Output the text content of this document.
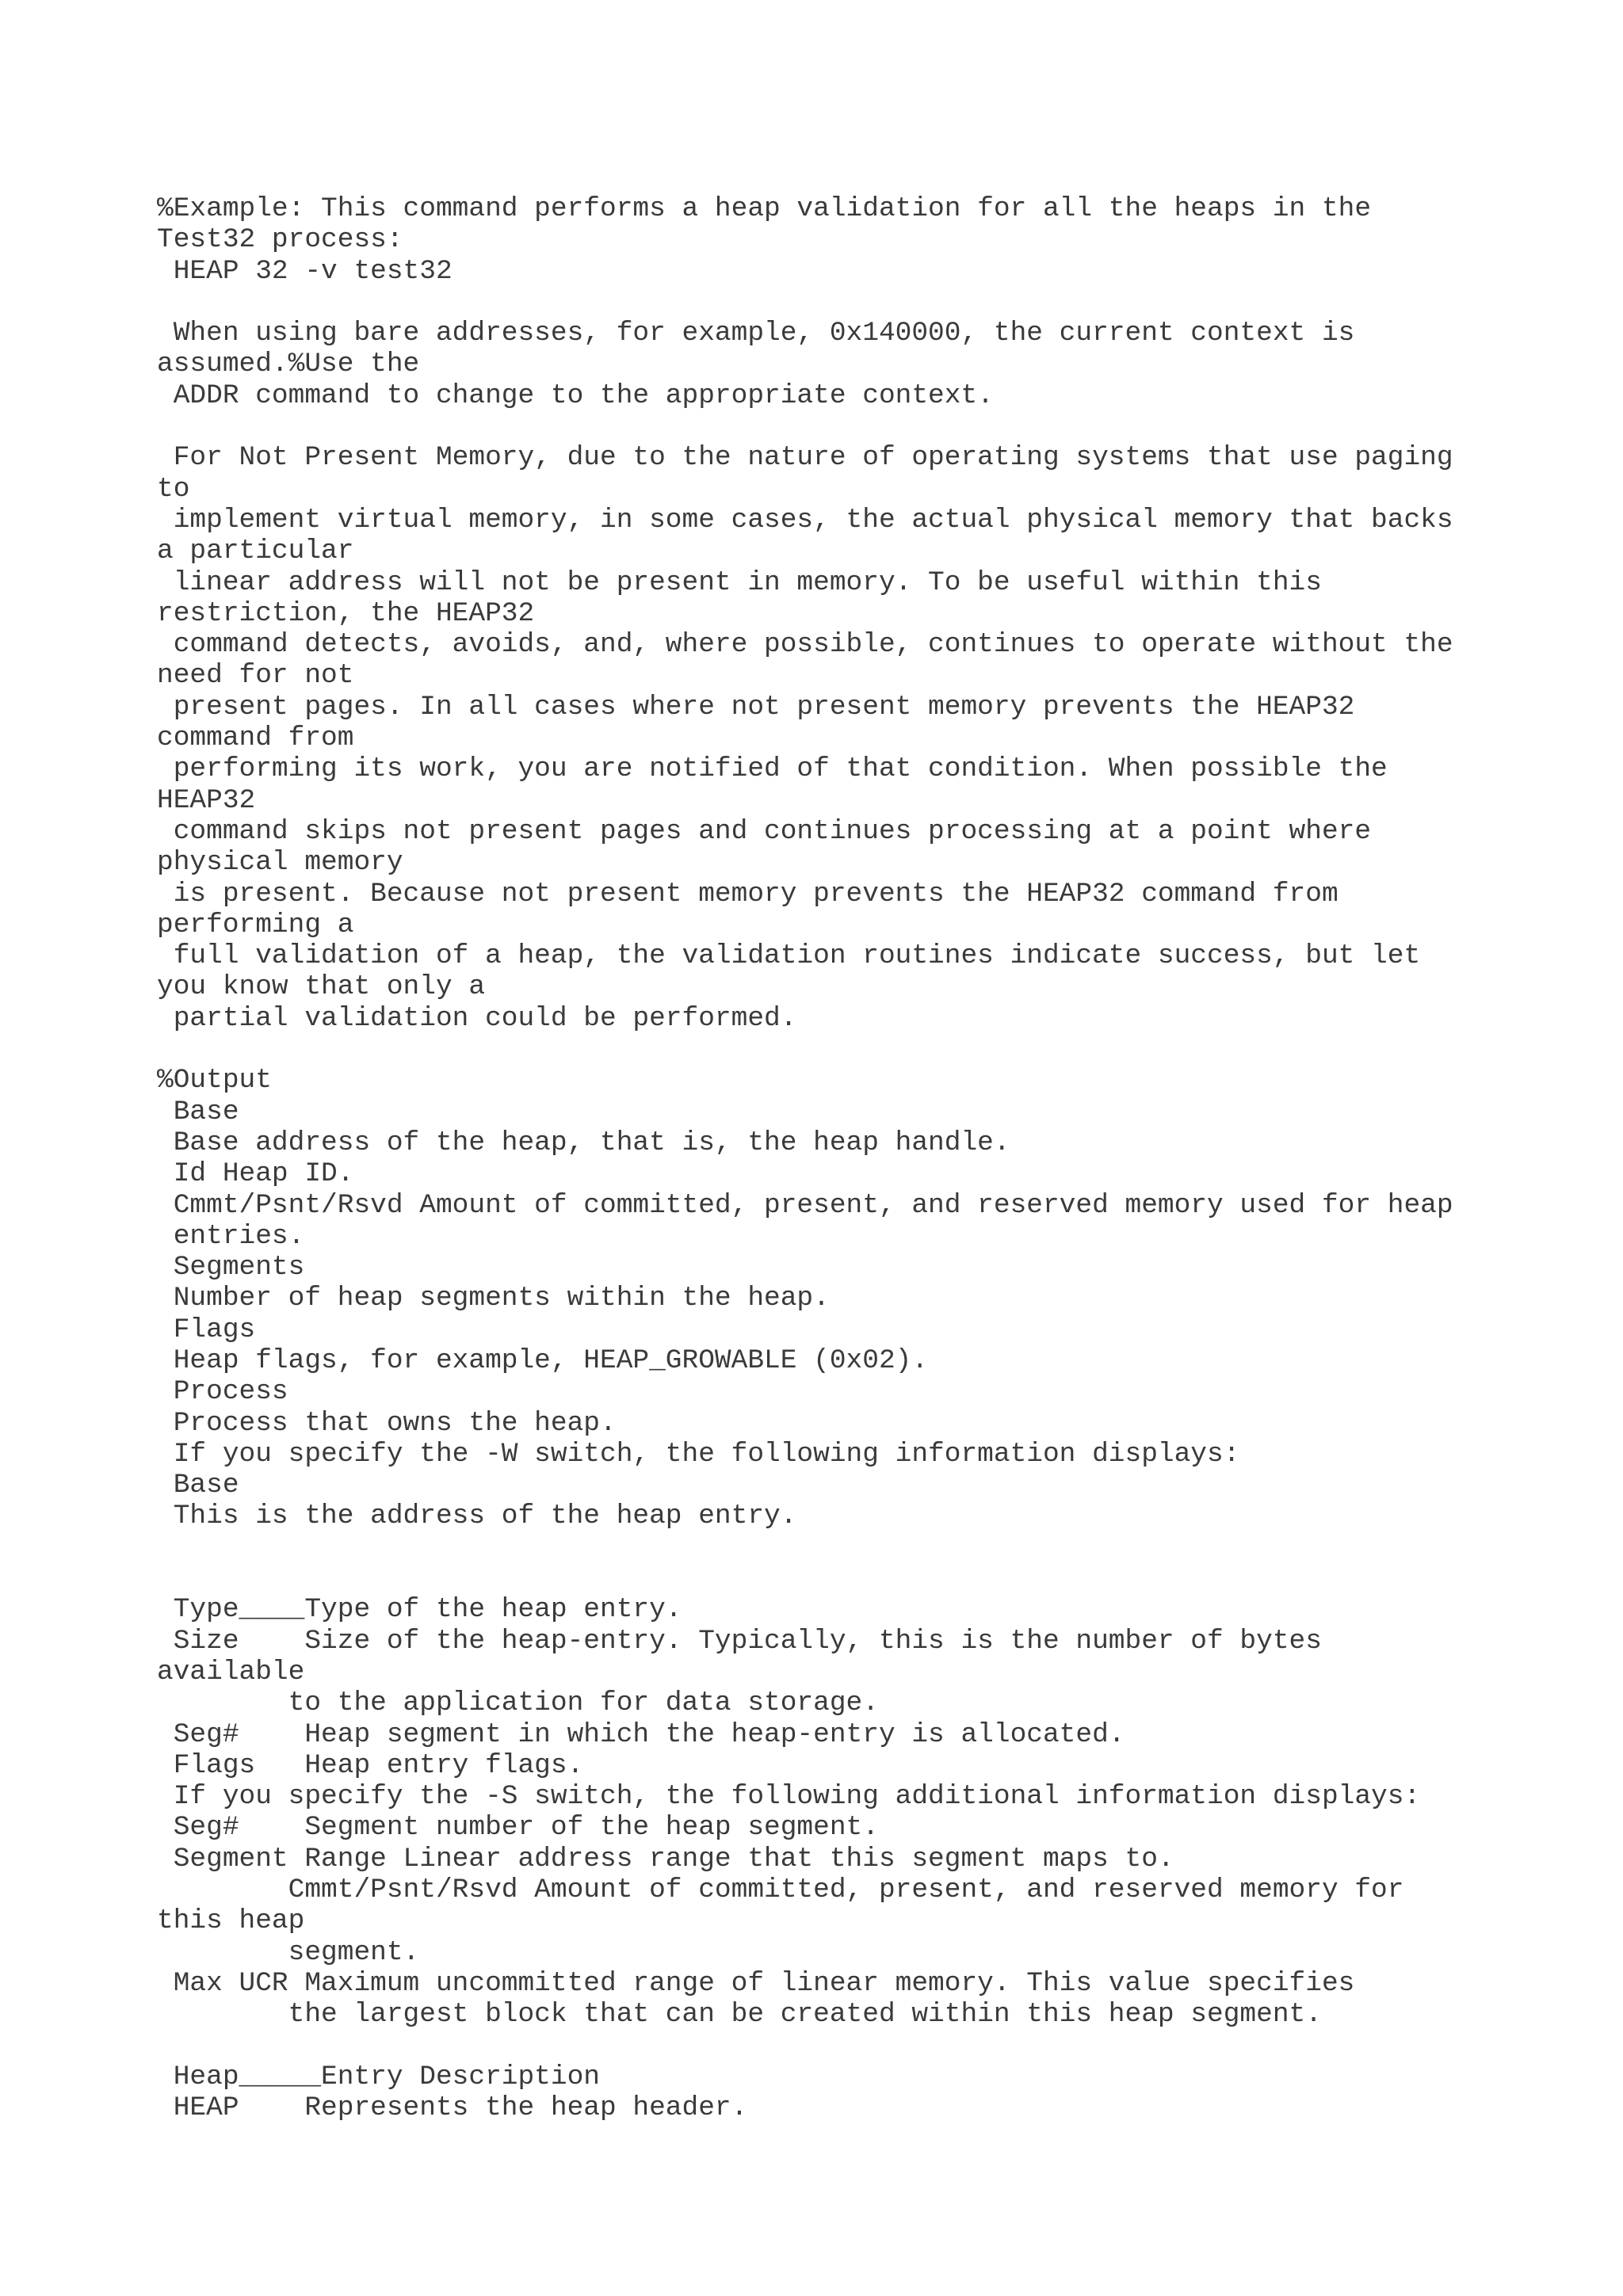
%Example: This command performs a heap validation for all the heaps in the
Test32 process:
HEAP 32 -v test32
When using bare addresses, for example, 0x140000, the current context is
assumed.%Use the
ADDR command to change to the appropriate context.
For Not Present Memory, due to the nature of operating systems that use paging
to
implement virtual memory, in some cases, the actual physical memory that backs
a particular
linear address will not be present in memory. To be useful within this
restriction, the HEAP32
command detects, avoids, and, where possible, continues to operate without the
need for not
present pages. In all cases where not present memory prevents the HEAP32
command from
performing its work, you are notified of that condition. When possible the
HEAP32
command skips not present pages and continues processing at a point where
physical memory
is present. Because not present memory prevents the HEAP32 command from
performing a
full validation of a heap, the validation routines indicate success, but let
you know that only a
partial validation could be performed.
%Output
Base
Base address of the heap, that is, the heap handle.
Id Heap ID.
Cmmt/Psnt/Rsvd Amount of committed, present, and reserved memory used for heap
entries.
Segments
Number of heap segments within the heap.
Flags
Heap flags, for example, HEAP_GROWABLE (0x02).
Process
Process that owns the heap.
If you specify the -W switch, the following information displays:
Base
This is the address of the heap entry.
Type____Type of the heap entry.
Size    Size of the heap-entry. Typically, this is the number of bytes
available
to the application for data storage.
Seg#    Heap segment in which the heap-entry is allocated.
Flags   Heap entry flags.
If you specify the -S switch, the following additional information displays:
Seg#    Segment number of the heap segment.
Segment Range Linear address range that this segment maps to.
Cmmt/Psnt/Rsvd Amount of committed, present, and reserved memory for
this heap
segment.
Max UCR Maximum uncommitted range of linear memory. This value specifies
the largest block that can be created within this heap segment.
Heap_____Entry Description
HEAP    Represents the heap header.
